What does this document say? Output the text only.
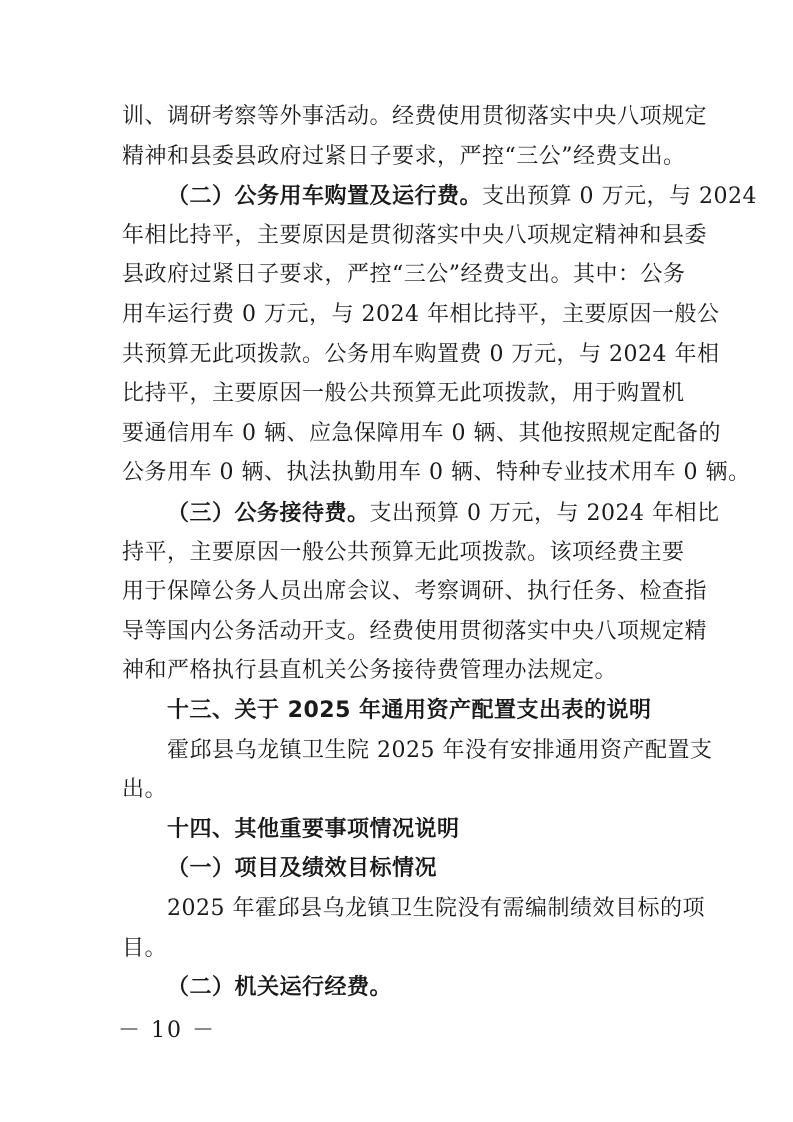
训、调研考察等外事活动。经费使用贯彻落实中央八项规定
精神和县委县政府过紧日子要求，严控“三公”经费支出。
（二）公务用车购置及运行费。支出预算 0 万元，与 2024
年相比持平，主要原因是贯彻落实中央八项规定精神和县委
县政府过紧日子要求，严控“三公”经费支出。其中：公务
用车运行费 0 万元，与 2024 年相比持平，主要原因一般公
共预算无此项拨款。公务用车购置费 0 万元，与 2024 年相
比持平，主要原因一般公共预算无此项拨款，用于购置机
要通信用车 0 辆、应急保障用车 0 辆、其他按照规定配备的
公务用车 0 辆、执法执勤用车 0 辆、特种专业技术用车 0 辆。
（三）公务接待费。支出预算 0 万元，与 2024 年相比
持平，主要原因一般公共预算无此项拨款。该项经费主要
用于保障公务人员出席会议、考察调研、执行任务、检查指
导等国内公务活动开支。经费使用贯彻落实中央八项规定精
神和严格执行县直机关公务接待费管理办法规定。
十三、关于 2025 年通用资产配置支出表的说明
霍邱县乌龙镇卫生院 2025 年没有安排通用资产配置支
出。
十四、其他重要事项情况说明
（一）项目及绩效目标情况
2025 年霍邱县乌龙镇卫生院没有需编制绩效目标的项
目。
（二）机关运行经费。
－ 10 －
